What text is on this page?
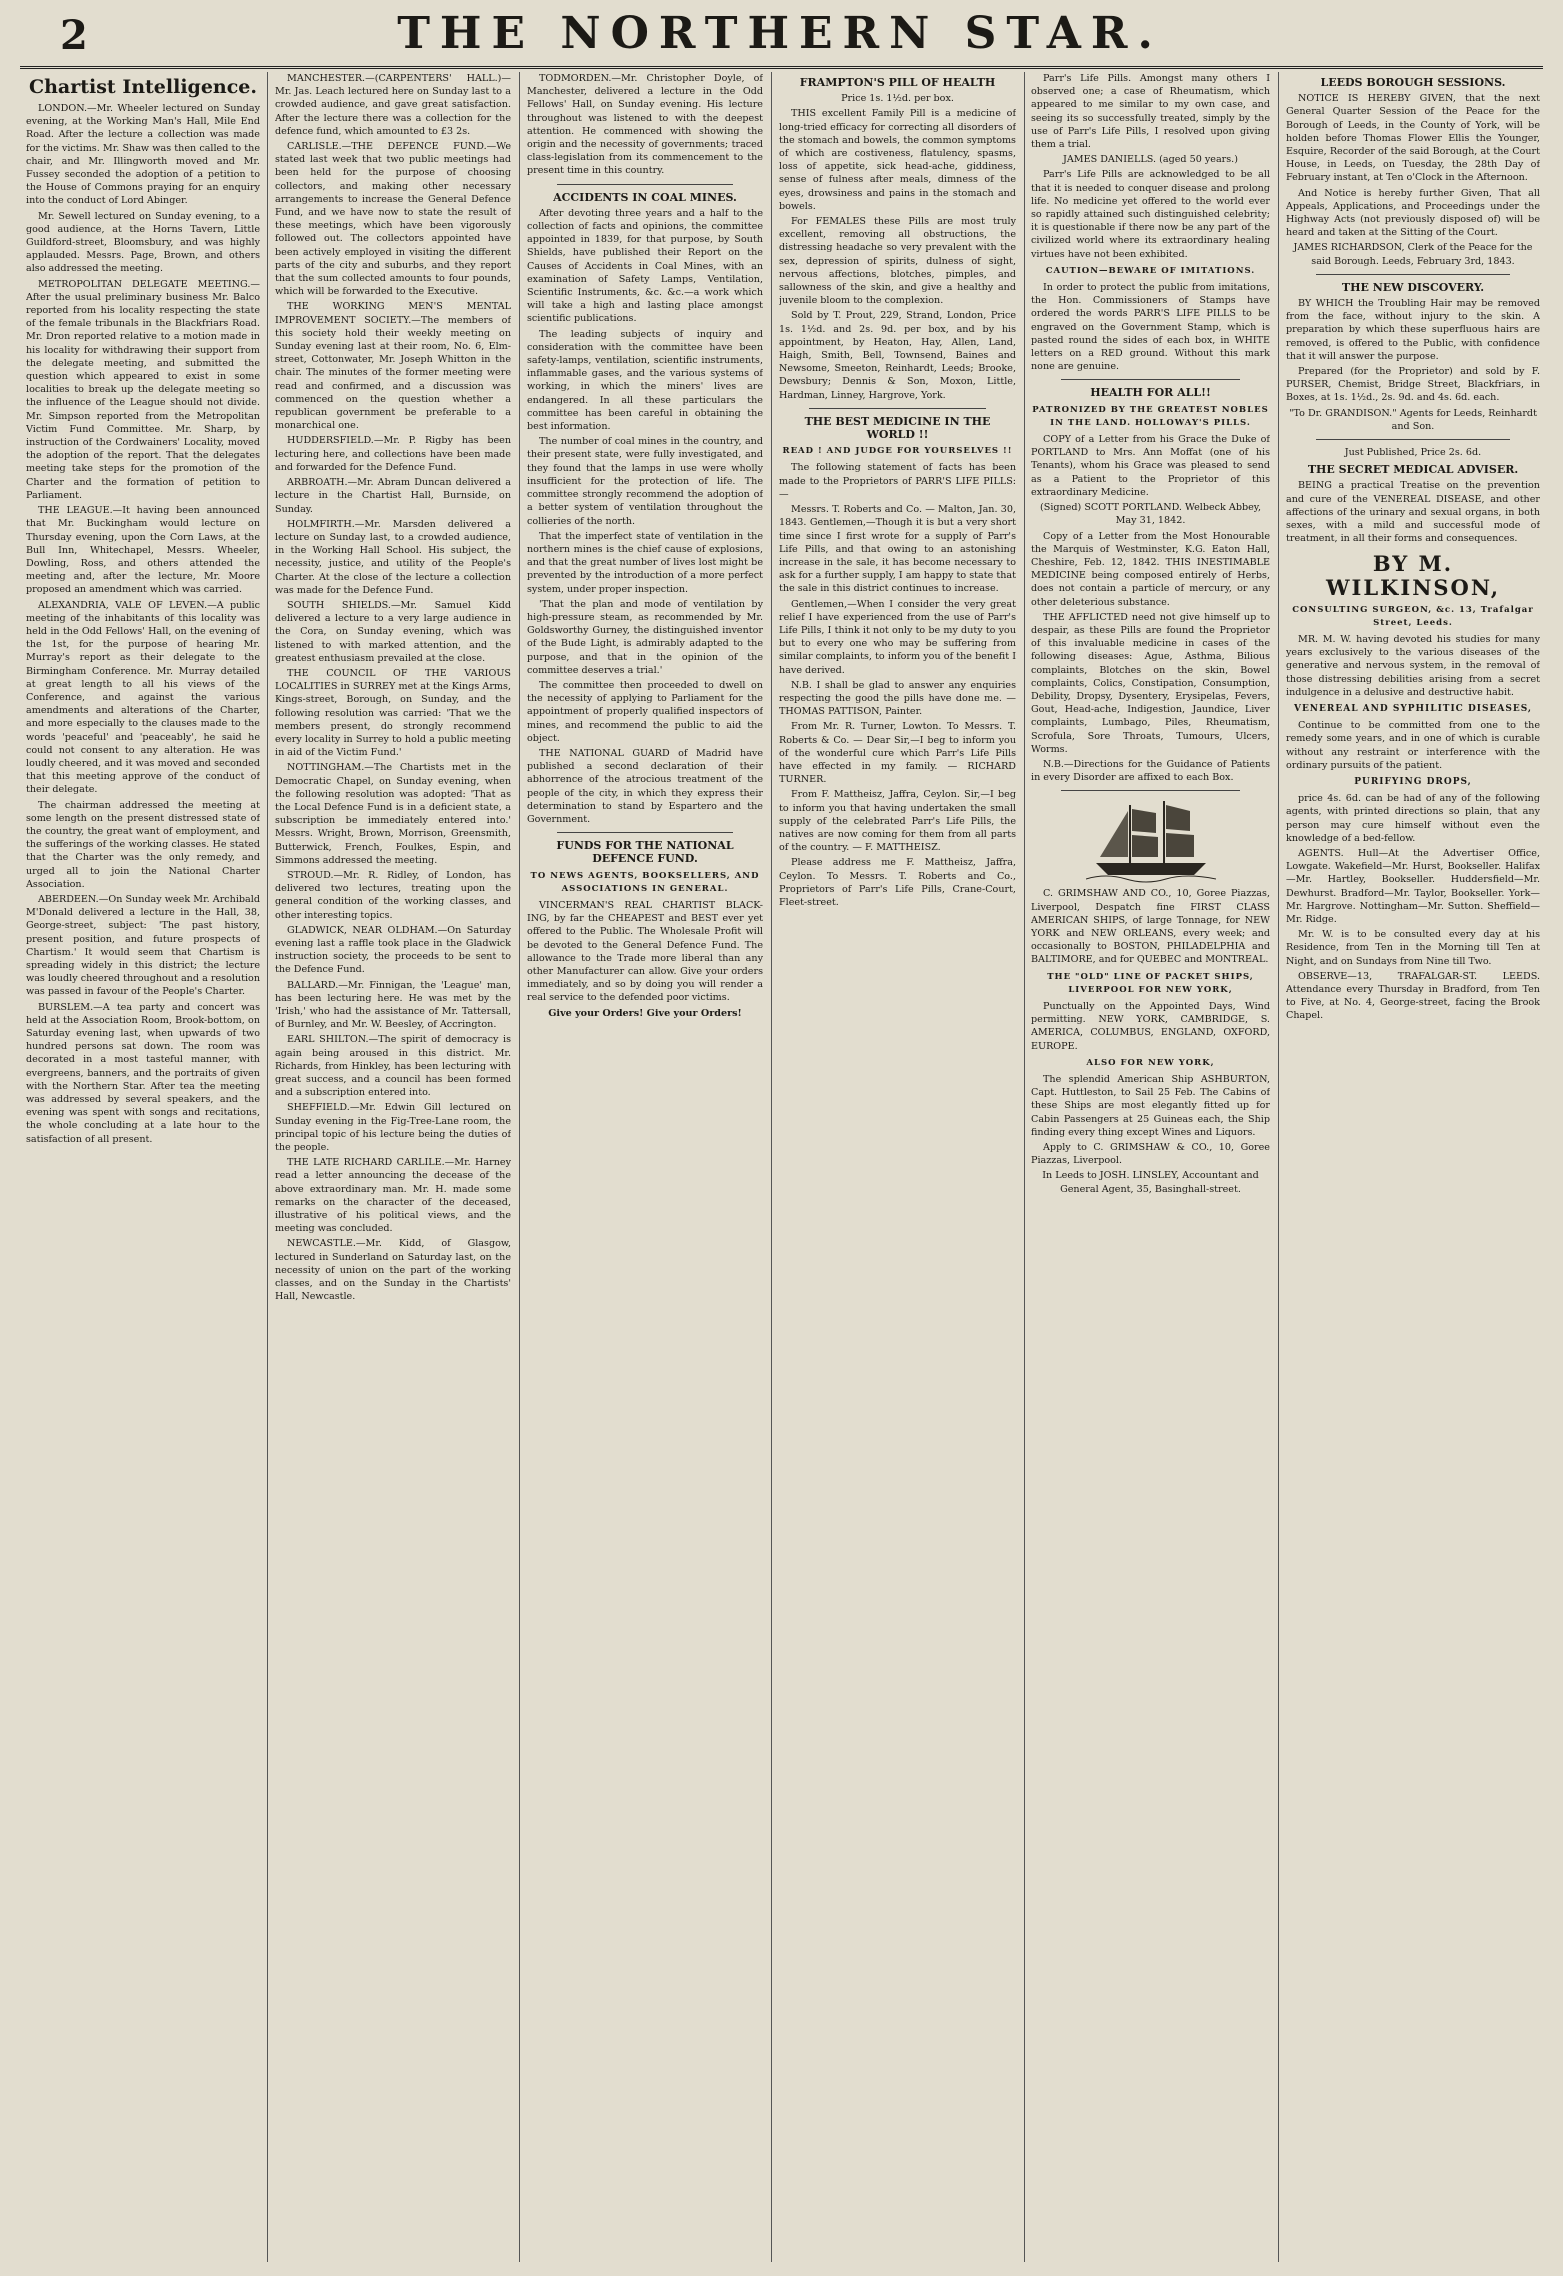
2	THE NORTHERN STAR.
Chartist Intelligence.

LONDON.—Mr. Wheeler lectured on Sunday evening, at the Working Man's Hall, Mile End Road. After the lecture a collection was made for the victims. Mr. Shaw was then called to the chair, and Mr. Illingworth moved and Mr. Fussey seconded the adoption of a petition to the House of Commons praying for an enquiry into the conduct of Lord Abinger.

Mr. Sewell lectured on Sunday evening, to a good audience, at the Horns Tavern, Little Guildford-street, Bloomsbury, and was highly applauded. Messrs. Page, Brown, and others also addressed the meeting.

METROPOLITAN DELEGATE MEETING.—After the usual preliminary business Mr. Balco reported from his locality respecting the state of the female tribunals in the Blackfriars Road. Mr. Dron reported relative to a motion made in his locality for withdrawing their support from the delegate meeting, and submitted the question which appeared to exist in some localities to break up the delegate meeting so the influence of the League should not divide. Mr. Simpson reported from the Metropolitan Victim Fund Committee. Mr. Sharp, by instruction of the Cordwainers' Locality, moved the adoption of the report. That the delegates meeting take steps for the promotion of the Charter and the formation of petition to Parliament.

THE LEAGUE.—It having been announced that Mr. Buckingham would lecture on Thursday evening, upon the Corn Laws, at the Bull Inn, Whitechapel, Messrs. Wheeler, Dowling, Ross, and others attended the meeting and, after the lecture, Mr. Moore proposed an amendment which was carried.

ALEXANDRIA, VALE OF LEVEN.—A public meeting of the inhabitants of this locality was held in the Odd Fellows' Hall, on the evening of the 1st, for the purpose of hearing Mr. Murray's report as their delegate to the Birmingham Conference. Mr. Murray detailed at great length to all his views of the Conference, and against the various amendments and alterations of the Charter, and more especially to the clauses made to the words 'peaceful' and 'peaceably', he said he could not consent to any alteration. He was loudly cheered, and it was moved and seconded that this meeting approve of the conduct of their delegate.

The chairman addressed the meeting at some length on the present distressed state of the country, the great want of employment, and the sufferings of the working classes. He stated that the Charter was the only remedy, and urged all to join the National Charter Association.

ABERDEEN.—On Sunday week Mr. Archibald M'Donald delivered a lecture in the Hall, 38, George-street, subject: 'The past history, present position, and future prospects of Chartism.' It would seem that Chartism is spreading widely in this district; the lecture was loudly cheered throughout and a resolution was passed in favour of the People's Charter.

BURSLEM.—A tea party and concert was held at the Association Room, Brook-bottom, on Saturday evening last, when upwards of two hundred persons sat down. The room was decorated in a most tasteful manner, with evergreens, banners, and the portraits of given with the Northern Star. After tea the meeting was addressed by several speakers, and the evening was spent with songs and recitations, the whole concluding at a late hour to the satisfaction of all present.

MANCHESTER.—(CARPENTERS' HALL.)—Mr. Jas. Leach lectured here on Sunday last to a crowded audience, and gave great satisfaction. After the lecture there was a collection for the defence fund, which amounted to £3 2s.

CARLISLE.—THE DEFENCE FUND.—We stated last week that two public meetings had been held for the purpose of choosing collectors, and making other necessary arrangements to increase the General Defence Fund, and we have now to state the result of these meetings, which have been vigorously followed out. The collectors appointed have been actively employed in visiting the different parts of the city and suburbs, and they report that the sum collected amounts to four pounds, which will be forwarded to the Executive.

THE WORKING MEN'S MENTAL IMPROVEMENT SOCIETY.—The members of this society hold their weekly meeting on Sunday evening last at their room, No. 6, Elm-street, Cottonwater, Mr. Joseph Whitton in the chair. The minutes of the former meeting were read and confirmed, and a discussion was commenced on the question whether a republican government be preferable to a monarchical one.

HUDDERSFIELD.—Mr. P. Rigby has been lecturing here, and collections have been made and forwarded for the Defence Fund.

ARBROATH.—Mr. Abram Duncan delivered a lecture in the Chartist Hall, Burnside, on Sunday.

HOLMFIRTH.—Mr. Marsden delivered a lecture on Sunday last, to a crowded audience, in the Working Hall School. His subject, the necessity, justice, and utility of the People's Charter. At the close of the lecture a collection was made for the Defence Fund.

SOUTH SHIELDS.—Mr. Samuel Kidd delivered a lecture to a very large audience in the Cora, on Sunday evening, which was listened to with marked attention, and the greatest enthusiasm prevailed at the close.

THE COUNCIL OF THE VARIOUS LOCALITIES in SURREY met at the Kings Arms, Kings-street, Borough, on Sunday, and the following resolution was carried: 'That we the members present, do strongly recommend every locality in Surrey to hold a public meeting in aid of the Victim Fund.'

NOTTINGHAM.—The Chartists met in the Democratic Chapel, on Sunday evening, when the following resolution was adopted: 'That as the Local Defence Fund is in a deficient state, a subscription be immediately entered into.' Messrs. Wright, Brown, Morrison, Greensmith, Butterwick, French, Foulkes, Espin, and Simmons addressed the meeting.

STROUD.—Mr. R. Ridley, of London, has delivered two lectures, treating upon the general condition of the working classes, and other interesting topics.

GLADWICK, NEAR OLDHAM.—On Saturday evening last a raffle took place in the Gladwick instruction society, the proceeds to be sent to the Defence Fund.

BALLARD.—Mr. Finnigan, the 'League' man, has been lecturing here. He was met by the 'Irish,' who had the assistance of Mr. Tattersall, of Burnley, and Mr. W. Beesley, of Accrington.

EARL SHILTON.—The spirit of democracy is again being aroused in this district. Mr. Richards, from Hinkley, has been lecturing with great success, and a council has been formed and a subscription entered into.

SHEFFIELD.—Mr. Edwin Gill lectured on Sunday evening in the Fig-Tree-Lane room, the principal topic of his lecture being the duties of the people.

THE LATE RICHARD CARLILE.—Mr. Harney read a letter announcing the decease of the above extraordinary man. Mr. H. made some remarks on the character of the deceased, illustrative of his political views, and the meeting was concluded.

NEWCASTLE.—Mr. Kidd, of Glasgow, lectured in Sunderland on Saturday last, on the necessity of union on the part of the working classes, and on the Sunday in the Chartists' Hall, Newcastle.

TODMORDEN.—Mr. Christopher Doyle, of Manchester, delivered a lecture in the Odd Fellows' Hall, on Sunday evening. His lecture throughout was listened to with the deepest attention. He commenced with showing the origin and the necessity of governments; traced class-legislation from its commencement to the present time in this country.

ACCIDENTS IN COAL MINES.

After devoting three years and a half to the collection of facts and opinions, the committee appointed in 1839, for that purpose, by South Shields, have published their Report on the Causes of Accidents in Coal Mines, with an examination of Safety Lamps, Ventilation, Scientific Instruments, &c. &c.—a work which will take a high and lasting place amongst scientific publications.

The leading subjects of inquiry and consideration with the committee have been safety-lamps, ventilation, scientific instruments, inflammable gases, and the various systems of working, in which the miners' lives are endangered. In all these particulars the committee has been careful in obtaining the best information.

The number of coal mines in the country, and their present state, were fully investigated, and they found that the lamps in use were wholly insufficient for the protection of life. The committee strongly recommend the adoption of a better system of ventilation throughout the collieries of the north.

That the imperfect state of ventilation in the northern mines is the chief cause of explosions, and that the great number of lives lost might be prevented by the introduction of a more perfect system, under proper inspection.

'That the plan and mode of ventilation by high-pressure steam, as recommended by Mr. Goldsworthy Gurney, the distinguished inventor of the Bude Light, is admirably adapted to the purpose, and that in the opinion of the committee deserves a trial.'

The committee then proceeded to dwell on the necessity of applying to Parliament for the appointment of properly qualified inspectors of mines, and recommend the public to aid the object.

THE NATIONAL GUARD of Madrid have published a second declaration of their abhorrence of the atrocious treatment of the people of the city, in which they express their determination to stand by Espartero and the Government.

FUNDS FOR THE NATIONAL DEFENCE FUND.
TO NEWS AGENTS, BOOKSELLERS, AND ASSOCIATIONS IN GENERAL.

VINCERMAN'S REAL CHARTIST BLACK-ING, by far the CHEAPEST and BEST ever yet offered to the Public. The Wholesale Profit will be devoted to the General Defence Fund. The allowance to the Trade more liberal than any other Manufacturer can allow. Give your orders immediately, and so by doing you will render a real service to the defended poor victims.

Give your Orders! Give your Orders!

FRAMPTON'S PILL OF HEALTH

Price 1s. 1½d. per box.

THIS excellent Family Pill is a medicine of long-tried efficacy for correcting all disorders of the stomach and bowels, the common symptoms of which are costiveness, flatulency, spasms, loss of appetite, sick head-ache, giddiness, sense of fulness after meals, dimness of the eyes, drowsiness and pains in the stomach and bowels.

For FEMALES these Pills are most truly excellent, removing all obstructions, the distressing headache so very prevalent with the sex, depression of spirits, dulness of sight, nervous affections, blotches, pimples, and sallowness of the skin, and give a healthy and juvenile bloom to the complexion.

Sold by T. Prout, 229, Strand, London, Price 1s. 1½d. and 2s. 9d. per box, and by his appointment, by Heaton, Hay, Allen, Land, Haigh, Smith, Bell, Townsend, Baines and Newsome, Smeeton, Reinhardt, Leeds; Brooke, Dewsbury; Dennis & Son, Moxon, Little, Hardman, Linney, Hargrove, York.

THE BEST MEDICINE IN THE WORLD !!
READ ! AND JUDGE FOR YOURSELVES !!

The following statement of facts has been made to the Proprietors of PARR'S LIFE PILLS:—

Messrs. T. Roberts and Co. — Malton, Jan. 30, 1843. Gentlemen,—Though it is but a very short time since I first wrote for a supply of Parr's Life Pills, and that owing to an astonishing increase in the sale, it has become necessary to ask for a further supply, I am happy to state that the sale in this district continues to increase.

Gentlemen,—When I consider the very great relief I have experienced from the use of Parr's Life Pills, I think it not only to be my duty to you but to every one who may be suffering from similar complaints, to inform you of the benefit I have derived.

N.B. I shall be glad to answer any enquiries respecting the good the pills have done me. — THOMAS PATTISON, Painter.

From Mr. R. Turner, Lowton. To Messrs. T. Roberts & Co. — Dear Sir,—I beg to inform you of the wonderful cure which Parr's Life Pills have effected in my family. — RICHARD TURNER.

From F. Mattheisz, Jaffra, Ceylon. Sir,—I beg to inform you that having undertaken the small supply of the celebrated Parr's Life Pills, the natives are now coming for them from all parts of the country. — F. MATTHEISZ.

Please address me F. Mattheisz, Jaffra, Ceylon. To Messrs. T. Roberts and Co., Proprietors of Parr's Life Pills, Crane-Court, Fleet-street.

Parr's Life Pills. Amongst many others I observed one; a case of Rheumatism, which appeared to me similar to my own case, and seeing its so successfully treated, simply by the use of Parr's Life Pills, I resolved upon giving them a trial.

JAMES DANIELLS. (aged 50 years.)

Parr's Life Pills are acknowledged to be all that it is needed to conquer disease and prolong life. No medicine yet offered to the world ever so rapidly attained such distinguished celebrity; it is questionable if there now be any part of the civilized world where its extraordinary healing virtues have not been exhibited.

CAUTION—BEWARE OF IMITATIONS.

In order to protect the public from imitations, the Hon. Commissioners of Stamps have ordered the words PARR'S LIFE PILLS to be engraved on the Government Stamp, which is pasted round the sides of each box, in WHITE letters on a RED ground. Without this mark none are genuine.

HEALTH FOR ALL!!
PATRONIZED BY THE GREATEST NOBLES IN THE LAND. HOLLOWAY'S PILLS.

COPY of a Letter from his Grace the Duke of PORTLAND to Mrs. Ann Moffat (one of his Tenants), whom his Grace was pleased to send as a Patient to the Proprietor of this extraordinary Medicine.

(Signed) SCOTT PORTLAND. Welbeck Abbey, May 31, 1842.

Copy of a Letter from the Most Honourable the Marquis of Westminster, K.G. Eaton Hall, Cheshire, Feb. 12, 1842. THIS INESTIMABLE MEDICINE being composed entirely of Herbs, does not contain a particle of mercury, or any other deleterious substance.

THE AFFLICTED need not give himself up to despair, as these Pills are found the Proprietor of this invaluable medicine in cases of the following diseases: Ague, Asthma, Bilious complaints, Blotches on the skin, Bowel complaints, Colics, Constipation, Consumption, Debility, Dropsy, Dysentery, Erysipelas, Fevers, Gout, Head-ache, Indigestion, Jaundice, Liver complaints, Lumbago, Piles, Rheumatism, Scrofula, Sore Throats, Tumours, Ulcers, Worms.

N.B.—Directions for the Guidance of Patients in every Disorder are affixed to each Box.

C. GRIMSHAW AND CO., 10, Goree Piazzas, Liverpool, Despatch fine FIRST CLASS AMERICAN SHIPS, of large Tonnage, for NEW YORK and NEW ORLEANS, every week; and occasionally to BOSTON, PHILADELPHIA and BALTIMORE, and for QUEBEC and MONTREAL.

THE "OLD" LINE OF PACKET SHIPS, LIVERPOOL FOR NEW YORK,

Punctually on the Appointed Days, Wind permitting. NEW YORK, CAMBRIDGE, S. AMERICA, COLUMBUS, ENGLAND, OXFORD, EUROPE.

ALSO FOR NEW YORK,

The splendid American Ship ASHBURTON, Capt. Huttleston, to Sail 25 Feb. The Cabins of these Ships are most elegantly fitted up for Cabin Passengers at 25 Guineas each, the Ship finding every thing except Wines and Liquors.

Apply to C. GRIMSHAW & CO., 10, Goree Piazzas, Liverpool.

In Leeds to JOSH. LINSLEY, Accountant and General Agent, 35, Basinghall-street.

LEEDS BOROUGH SESSIONS.

NOTICE IS HEREBY GIVEN, that the next General Quarter Session of the Peace for the Borough of Leeds, in the County of York, will be holden before Thomas Flower Ellis the Younger, Esquire, Recorder of the said Borough, at the Court House, in Leeds, on Tuesday, the 28th Day of February instant, at Ten o'Clock in the Afternoon.

And Notice is hereby further Given, That all Appeals, Applications, and Proceedings under the Highway Acts (not previously disposed of) will be heard and taken at the Sitting of the Court.

JAMES RICHARDSON, Clerk of the Peace for the said Borough. Leeds, February 3rd, 1843.

THE NEW DISCOVERY.

BY WHICH the Troubling Hair may be removed from the face, without injury to the skin. A preparation by which these superfluous hairs are removed, is offered to the Public, with confidence that it will answer the purpose.

Prepared (for the Proprietor) and sold by F. PURSER, Chemist, Bridge Street, Blackfriars, in Boxes, at 1s. 1½d., 2s. 9d. and 4s. 6d. each.

"To Dr. GRANDISON." Agents for Leeds, Reinhardt and Son.

Just Published, Price 2s. 6d.

THE SECRET MEDICAL ADVISER.

BEING a practical Treatise on the prevention and cure of the VENEREAL DISEASE, and other affections of the urinary and sexual organs, in both sexes, with a mild and successful mode of treatment, in all their forms and consequences.

BY M. WILKINSON,
CONSULTING SURGEON, &c. 13, Trafalgar Street, Leeds.

MR. M. W. having devoted his studies for many years exclusively to the various diseases of the generative and nervous system, in the removal of those distressing debilities arising from a secret indulgence in a delusive and destructive habit.

VENEREAL AND SYPHILITIC DISEASES,

Continue to be committed from one to the remedy some years, and in one of which is curable without any restraint or interference with the ordinary pursuits of the patient.

PURIFYING DROPS,

price 4s. 6d. can be had of any of the following agents, with printed directions so plain, that any person may cure himself without even the knowledge of a bed-fellow.

AGENTS. Hull—At the Advertiser Office, Lowgate. Wakefield—Mr. Hurst, Bookseller. Halifax—Mr. Hartley, Bookseller. Huddersfield—Mr. Dewhurst. Bradford—Mr. Taylor, Bookseller. York—Mr. Hargrove. Nottingham—Mr. Sutton. Sheffield—Mr. Ridge.

Mr. W. is to be consulted every day at his Residence, from Ten in the Morning till Ten at Night, and on Sundays from Nine till Two.

OBSERVE—13, TRAFALGAR-ST. LEEDS. Attendance every Thursday in Bradford, from Ten to Five, at No. 4, George-street, facing the Brook Chapel.
